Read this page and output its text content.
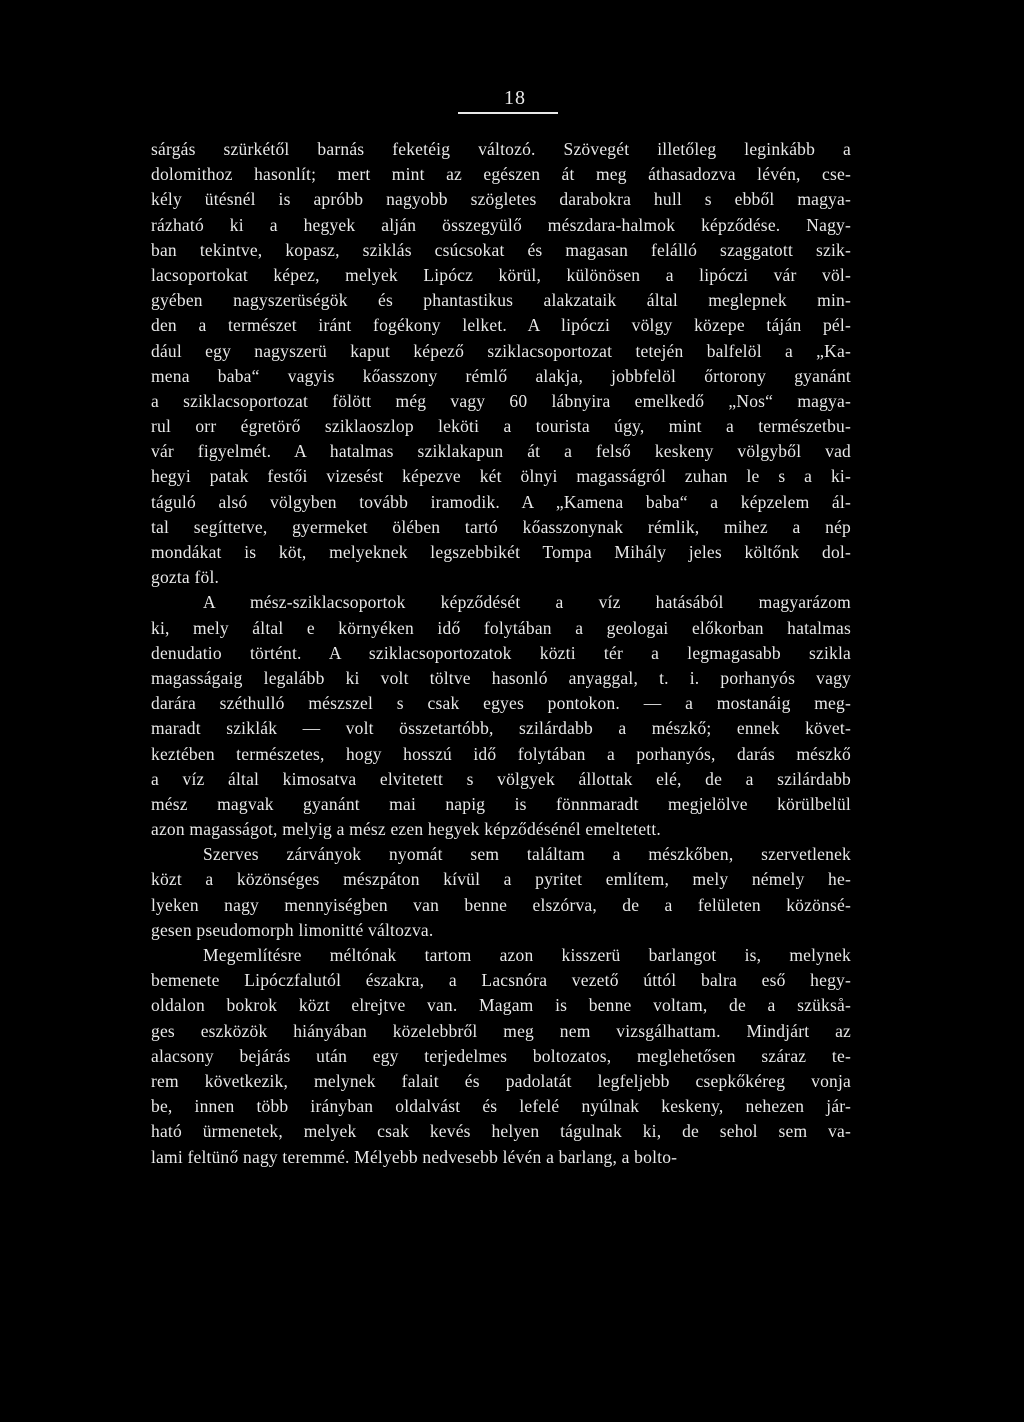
18
sárgás szürkétől barnás feketéig változó. Szövegét illetőleg leginkább a
dolomithoz hasonlít; mert mint az egészen át meg áthasadozva lévén, cse-
kély ütésnél is apróbb nagyobb szögletes darabokra hull s ebből magya-
rázható ki a hegyek alján összegyülő mészdara-halmok képződése. Nagy-
ban tekintve, kopasz, sziklás csúcsokat és magasan felálló szaggatott szik-
lacsoportokat képez, melyek Lipócz körül, különösen a lipóczi vár völ-
gyében nagyszerüségök és phantastikus alakzataik által meglepnek min-
den a természet iránt fogékony lelket. A lipóczi völgy közepe táján pél-
dául egy nagyszerü kaput képező sziklacsoportozat tetején balfelöl a „Ka-
mena baba“ vagyis kőasszony rémlő alakja, jobbfelöl őrtorony gyanánt
a sziklacsoportozat fölött még vagy 60 lábnyira emelkedő „Nos“ magya-
rul orr égretörő sziklaoszlop leköti a tourista úgy, mint a természetbu-
vár figyelmét. A hatalmas sziklakapun át a felső keskeny völgyből vad
hegyi patak festői vizesést képezve két ölnyi magasságról zuhan le s a ki-
táguló alsó völgyben tovább iramodik. A „Kamena baba“ a képzelem ál-
tal segíttetve, gyermeket ölében tartó kőasszonynak rémlik, mihez a nép
mondákat is köt, melyeknek legszebbikét Tompa Mihály jeles költőnk dol-
gozta föl.
A mész-sziklacsoportok képződését a víz hatásából magyarázom
ki, mely által e környéken idő folytában a geologai előkorban hatalmas
denudatio történt. A sziklacsoportozatok közti tér a legmagasabb szikla
magasságaig legalább ki volt töltve hasonló anyaggal, t. i. porhanyós vagy
darára széthulló mészszel s csak egyes pontokon. — a mostanáig meg-
maradt sziklák — volt összetartóbb, szilárdabb a mészkő; ennek követ-
keztében természetes, hogy hosszú idő folytában a porhanyós, darás mészkő
a víz által kimosatva elvitetett s völgyek állottak elé, de a szilárdabb
mész magvak gyanánt mai napig is fönnmaradt megjelölve körülbelül
azon magasságot, melyig a mész ezen hegyek képződésénél emeltetett.
Szerves zárványok nyomát sem találtam a mészkőben, szervetlenek
közt a közönséges mészpáton kívül a pyritet említem, mely némely he-
lyeken nagy mennyiségben van benne elszórva, de a felületen közönsé-
gesen pseudomorph limonitté változva.
Megemlítésre méltónak tartom azon kisszerü barlangot is, melynek
bemenete Lipóczfalutól északra, a Lacsnóra vezető úttól balra eső hegy-
oldalon bokrok közt elrejtve van. Magam is benne voltam, de a szükså-
ges eszközök hiányában közelebbről meg nem vizsgálhattam. Mindjárt az
alacsony bejárás után egy terjedelmes boltozatos, meglehetősen száraz te-
rem következik, melynek falait és padolatát legfeljebb csepkőkéreg vonja
be, innen több irányban oldalvást és lefelé nyúlnak keskeny, nehezen jár-
ható ürmenetek, melyek csak kevés helyen tágulnak ki, de sehol sem va-
lami feltünő nagy teremmé. Mélyebb nedvesebb lévén a barlang, a bolto-
